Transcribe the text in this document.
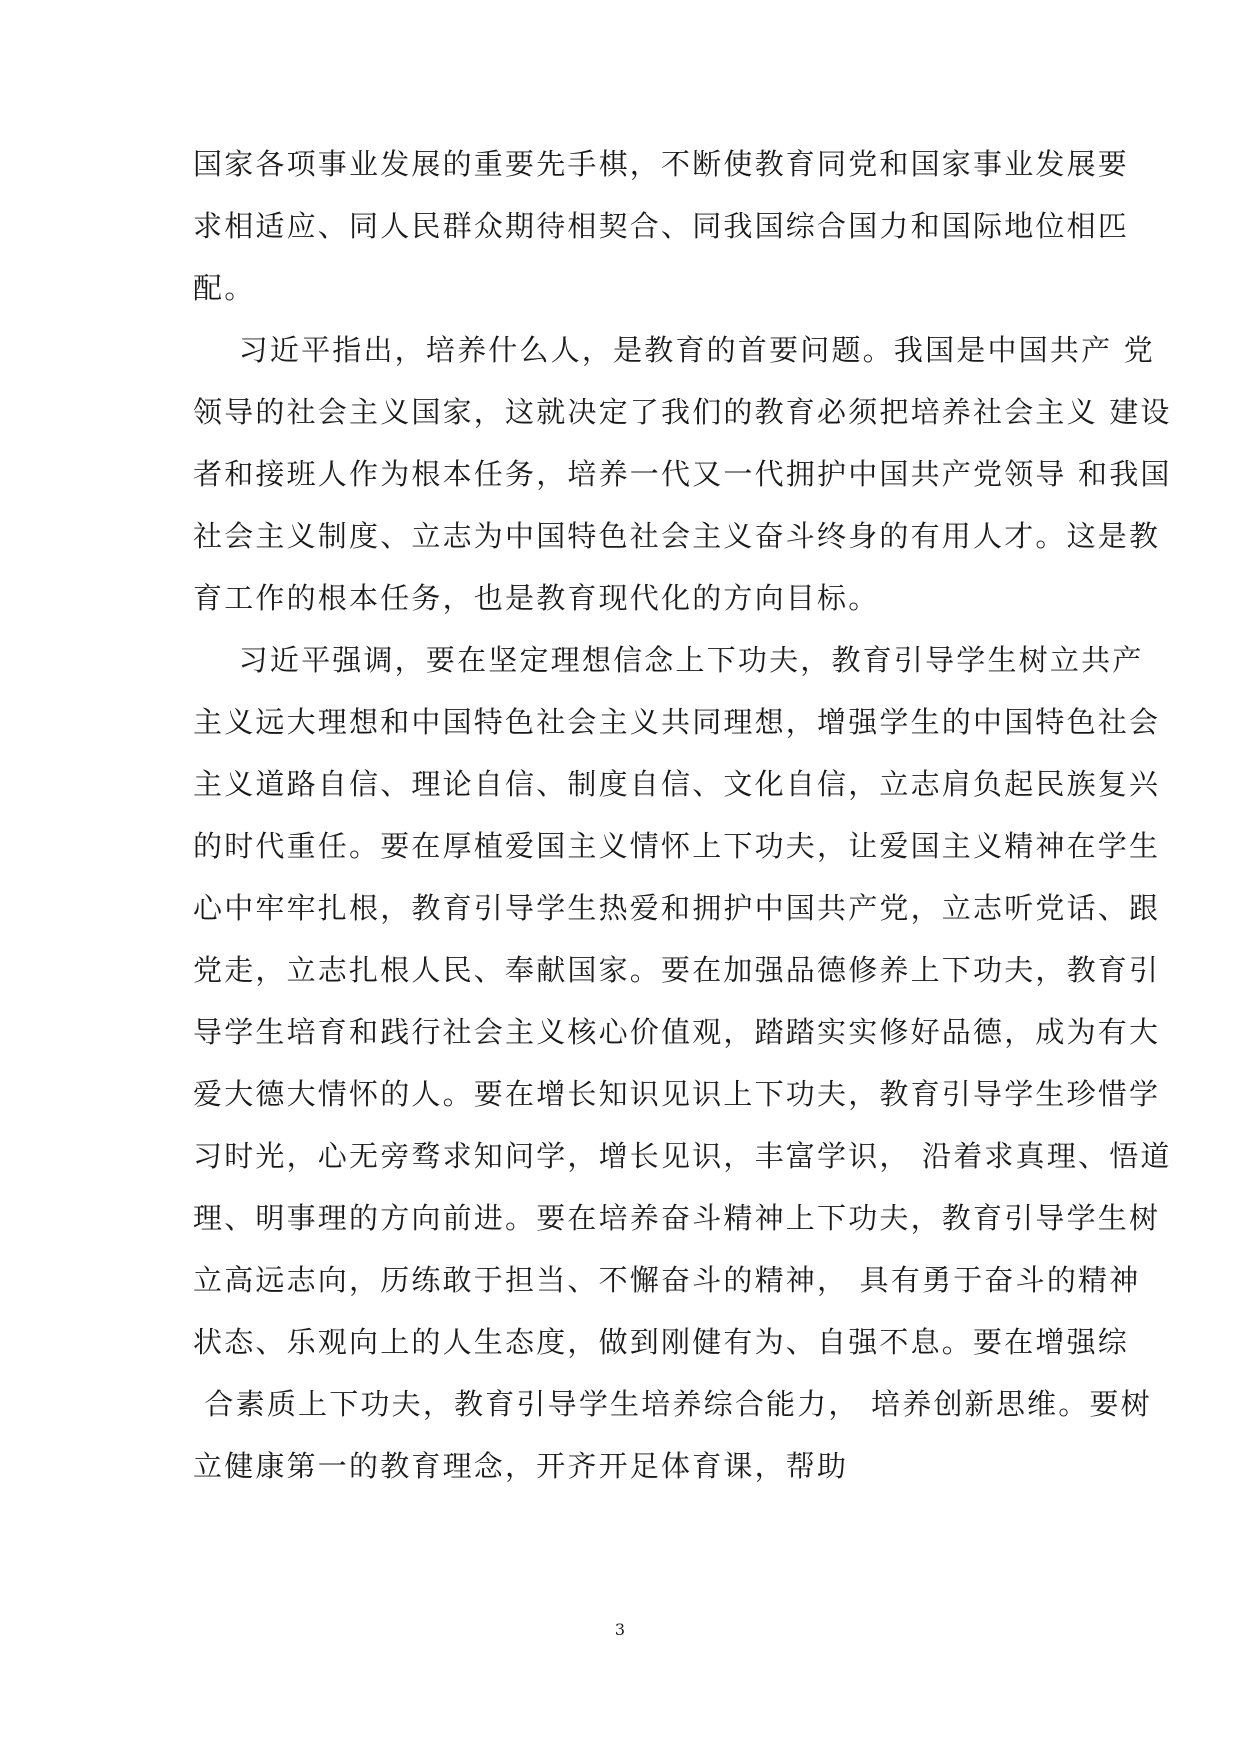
国家各项事业发展的重要先手棋，不断使教育同党和国家事业发展要
求相适应、同人民群众期待相契合、同我国综合国力和国际地位相匹
配。
习近平指出，培养什么人，是教育的首要问题。我国是中国共产 党
领导的社会主义国家，这就决定了我们的教育必须把培养社会主义 建设
者和接班人作为根本任务，培养一代又一代拥护中国共产党领导 和我国
社会主义制度、立志为中国特色社会主义奋斗终身的有用人才。这是教
育工作的根本任务，也是教育现代化的方向目标。
习近平强调，要在坚定理想信念上下功夫，教育引导学生树立共产
主义远大理想和中国特色社会主义共同理想，增强学生的中国特色社会
主义道路自信、理论自信、制度自信、文化自信，立志肩负起民族复兴
的时代重任。要在厚植爱国主义情怀上下功夫，让爱国主义精神在学生
心中牢牢扎根，教育引导学生热爱和拥护中国共产党，立志听党话、跟
党走，立志扎根人民、奉献国家。要在加强品德修养上下功夫，教育引
导学生培育和践行社会主义核心价值观，踏踏实实修好品德，成为有大
爱大德大情怀的人。要在增长知识见识上下功夫，教育引导学生珍惜学
习时光，心无旁骛求知问学，增长见识，丰富学识， 沿着求真理、悟道
理、明事理的方向前进。要在培养奋斗精神上下功夫，教育引导学生树
立高远志向，历练敢于担当、不懈奋斗的精神， 具有勇于奋斗的精神
状态、乐观向上的人生态度，做到刚健有为、自强不息。要在增强综
合素质上下功夫，教育引导学生培养综合能力， 培养创新思维。要树
立健康第一的教育理念，开齐开足体育课，帮助
3
